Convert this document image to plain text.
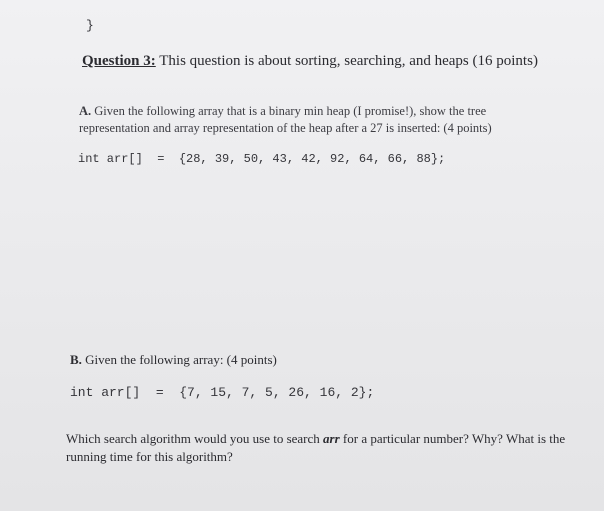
}
Question 3: This question is about sorting, searching, and heaps (16 points)
A. Given the following array that is a binary min heap (I promise!), show the tree representation and array representation of the heap after a 27 is inserted: (4 points)
int arr[]  =  {28, 39, 50, 43, 42, 92, 64, 66, 88};
B. Given the following array: (4 points)
int arr[]  =  {7, 15, 7, 5, 26, 16, 2};
Which search algorithm would you use to search arr for a particular number? Why? What is the running time for this algorithm?
